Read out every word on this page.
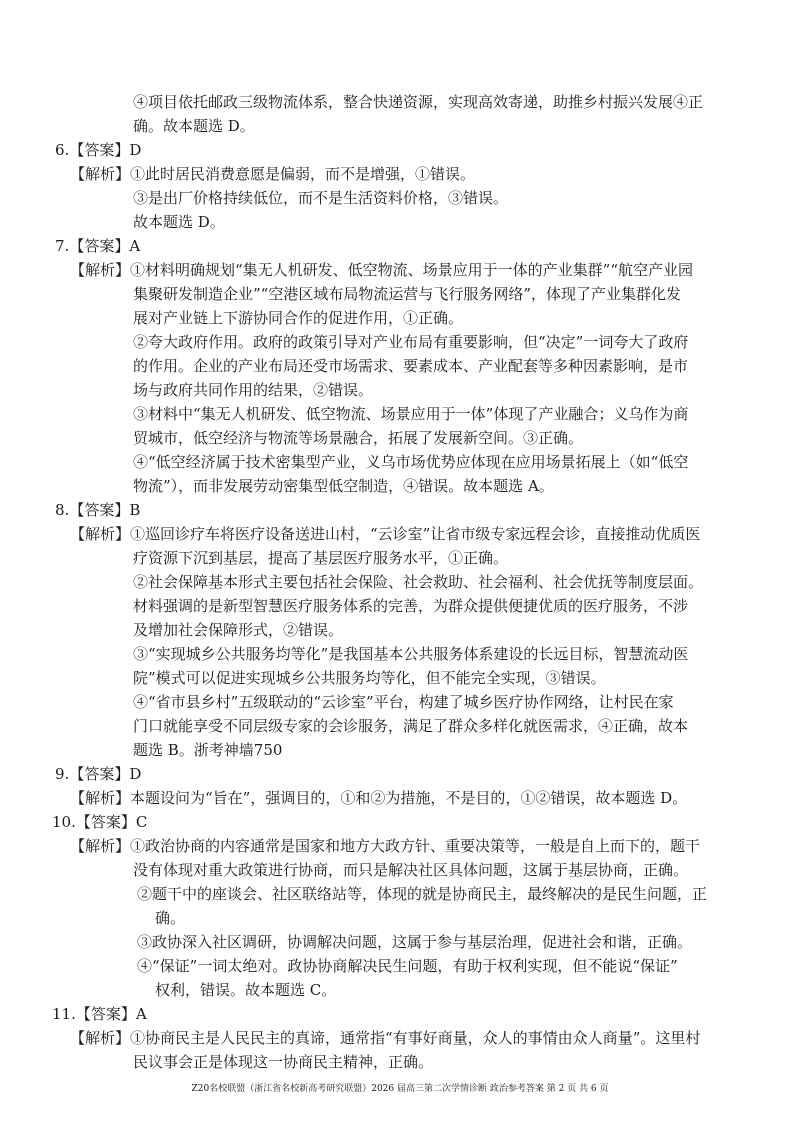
④项目依托邮政三级物流体系，整合快递资源，实现高效寄递，助推乡村振兴发展④正
确。故本题选 D。
6.【答案】D
【解析】①此时居民消费意愿是偏弱，而不是增强，①错误。
③是出厂价格持续低位，而不是生活资料价格，③错误。
故本题选 D。
7.【答案】A
【解析】①材料明确规划“集无人机研发、低空物流、场景应用于一体的产业集群”“航空产业园
集聚研发制造企业”“空港区域布局物流运营与飞行服务网络”，体现了产业集群化发
展对产业链上下游协同合作的促进作用，①正确。
②夸大政府作用。政府的政策引导对产业布局有重要影响，但“决定”一词夸大了政府
的作用。企业的产业布局还受市场需求、要素成本、产业配套等多种因素影响，是市
场与政府共同作用的结果，②错误。
③材料中“集无人机研发、低空物流、场景应用于一体”体现了产业融合；义乌作为商
贸城市，低空经济与物流等场景融合，拓展了发展新空间。③正确。
④“低空经济属于技术密集型产业，义乌市场优势应体现在应用场景拓展上（如“低空
物流”），而非发展劳动密集型低空制造，④错误。故本题选 A。
8.【答案】B
【解析】①巡回诊疗车将医疗设备送进山村，“云诊室”让省市级专家远程会诊，直接推动优质医
疗资源下沉到基层，提高了基层医疗服务水平，①正确。
②社会保障基本形式主要包括社会保险、社会救助、社会福利、社会优抚等制度层面。
材料强调的是新型智慧医疗服务体系的完善，为群众提供便捷优质的医疗服务，不涉
及增加社会保障形式，②错误。
③“实现城乡公共服务均等化”是我国基本公共服务体系建设的长远目标，智慧流动医
院”模式可以促进实现城乡公共服务均等化，但不能完全实现，③错误。
④“省市县乡村”五级联动的“云诊室”平台，构建了城乡医疗协作网络，让村民在家
门口就能享受不同层级专家的会诊服务，满足了群众多样化就医需求，④正确，故本
题选 B。浙考神墙750
9.【答案】D
【解析】本题设问为“旨在”，强调目的，①和②为措施，不是目的，①②错误，故本题选 D。
10.【答案】C
【解析】①政治协商的内容通常是国家和地方大政方针、重要决策等，一般是自上而下的，题干
没有体现对重大政策进行协商，而只是解决社区具体问题，这属于基层协商，正确。
②题干中的座谈会、社区联络站等，体现的就是协商民主，最终解决的是民生问题，正
确。
③政协深入社区调研，协调解决问题，这属于参与基层治理，促进社会和谐，正确。
④“保证”一词太绝对。政协协商解决民生问题，有助于权利实现，但不能说“保证”
权利，错误。故本题选 C。
11.【答案】A
【解析】①协商民主是人民民主的真谛，通常指“有事好商量，众人的事情由众人商量”。这里村
民议事会正是体现这一协商民主精神，正确。
Z20名校联盟（浙江省名校新高考研究联盟）2026 届高三第二次学情诊断 政治参考答案 第 2 页 共 6 页
